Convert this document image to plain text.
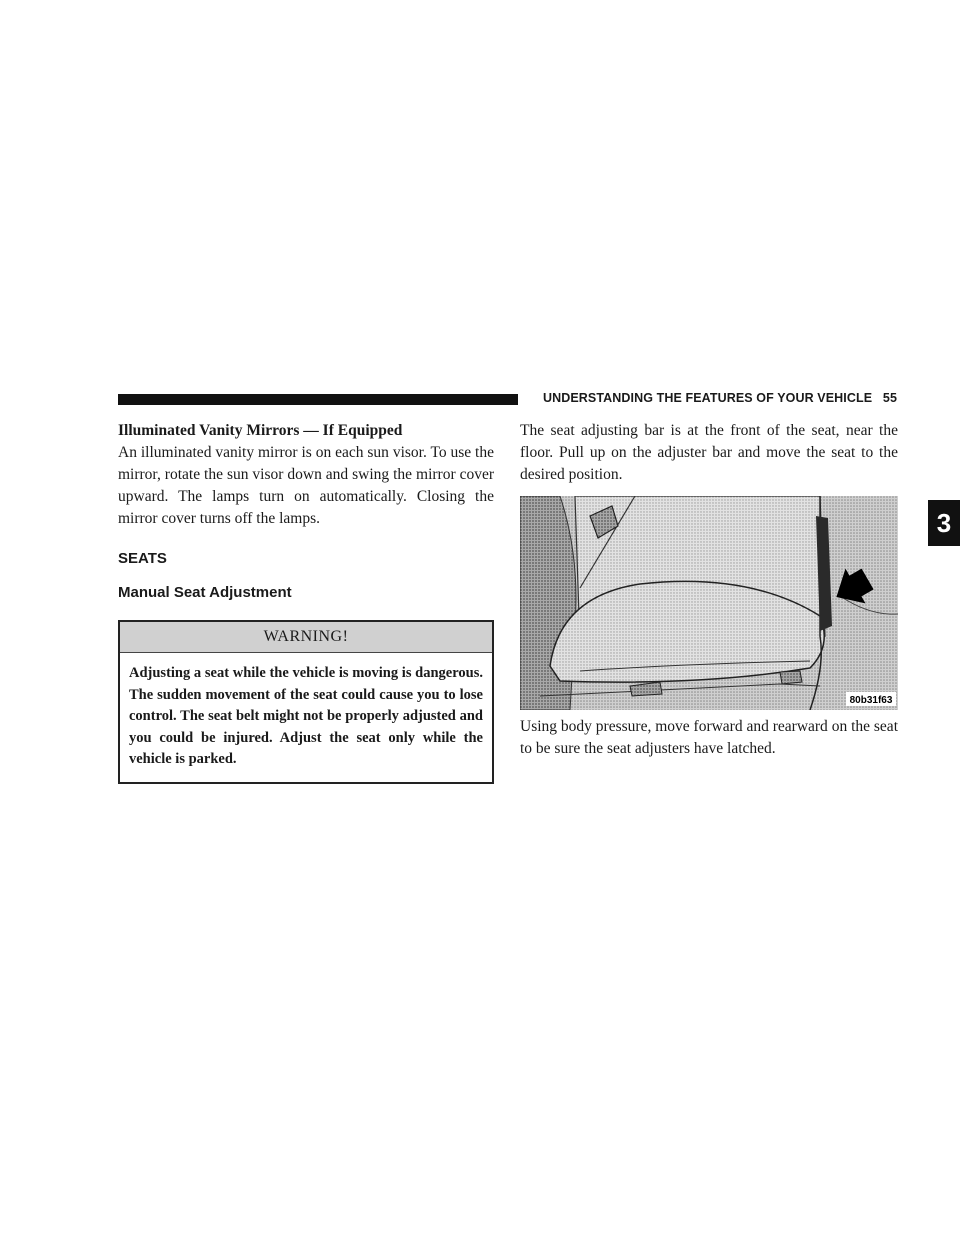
UNDERSTANDING THE FEATURES OF YOUR VEHICLE 55
3

Illuminated Vanity Mirrors — If Equipped

An illuminated vanity mirror is on each sun visor. To use the mirror, rotate the sun visor down and swing the mirror cover upward. The lamps turn on automatically. Closing the mirror cover turns off the lamps.

SEATS

Manual Seat Adjustment

WARNING!
Adjusting a seat while the vehicle is moving is dangerous. The sudden movement of the seat could cause you to lose control. The seat belt might not be properly adjusted and you could be injured. Adjust the seat only while the vehicle is parked.

The seat adjusting bar is at the front of the seat, near the floor. Pull up on the adjuster bar and move the seat to the desired position.

80b31f63

Using body pressure, move forward and rearward on the seat to be sure the seat adjusters have latched.
